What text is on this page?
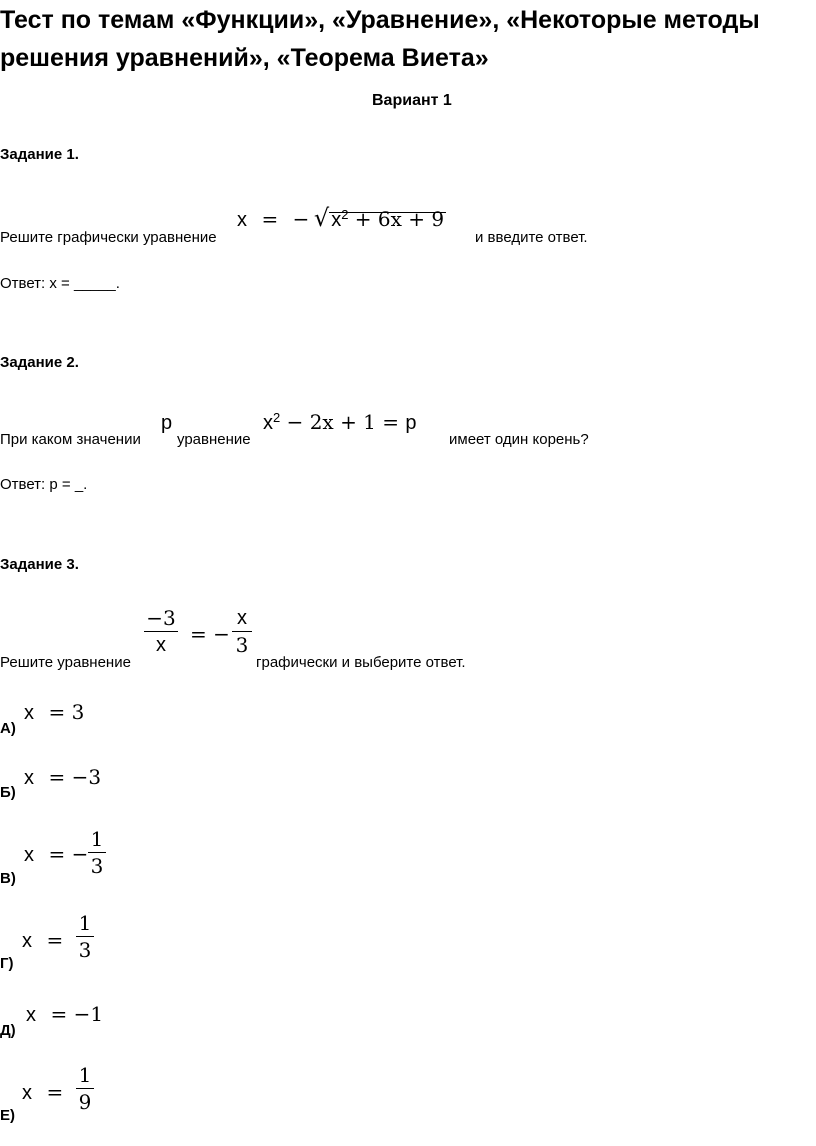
Тест по темам «Функции», «Уравнение», «Некоторые методы
решения уравнений», «Теорема Виета»
Вариант 1
Задание 1.
Решите графически уравнение
x = − √ $x^2 + 6x + 9$
и введите ответ.
Ответ: x = _____.
Задание 2.
При каком значении
p
уравнение
$x^2 - 2x + 1 = p$
имеет один корень?
Ответ: p = _.
Задание 3.
Решите уравнение
−3
x	= −
x
3
графически и выберите ответ.
А)
x = 3
Б)
x = −3
В)
x = −
1
3
Г)
x =
1
3
Д)
x = −1
Е)
x =
1
9
